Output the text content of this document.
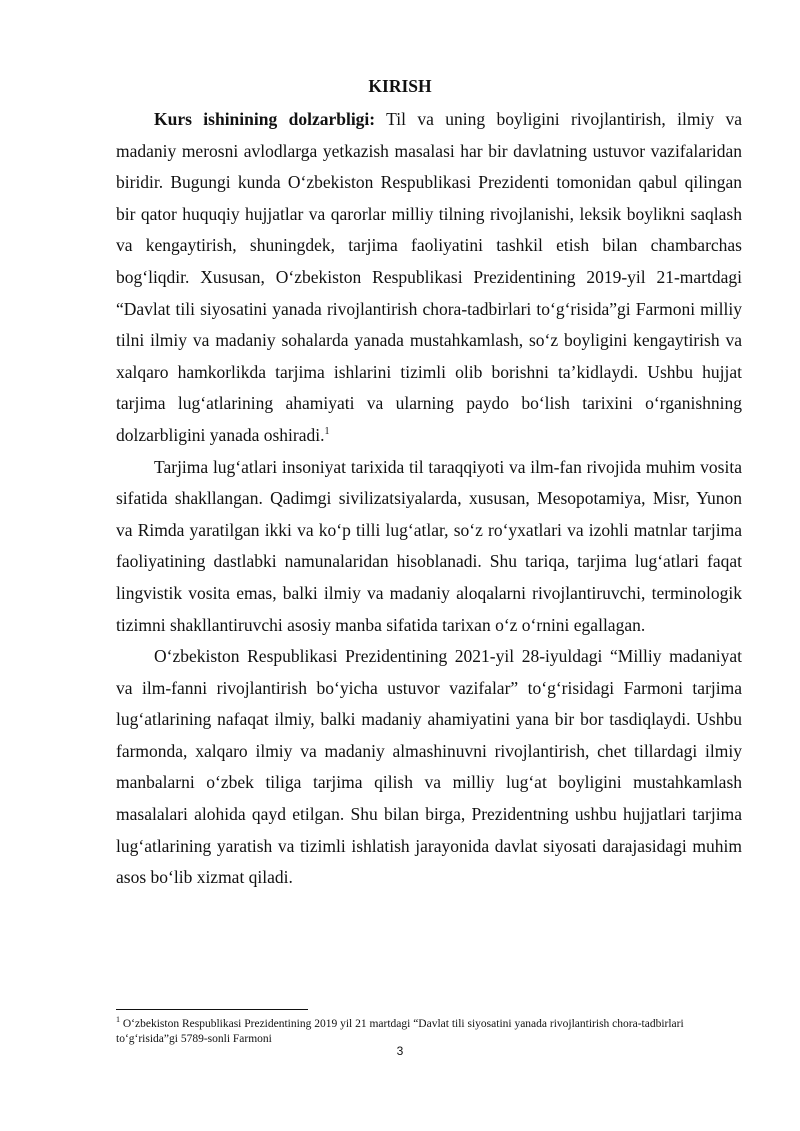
KIRISH

Kurs ishinining dolzarbligi: Til va uning boyligini rivojlantirish, ilmiy va madaniy merosni avlodlarga yetkazish masalasi har bir davlatning ustuvor vazifalaridan biridir. Bugungi kunda O‘zbekiston Respublikasi Prezidenti tomonidan qabul qilingan bir qator huquqiy hujjatlar va qarorlar milliy tilning rivojlanishi, leksik boylikni saqlash va kengaytirish, shuningdek, tarjima faoliyatini tashkil etish bilan chambarchas bog‘liqdir. Xususan, O‘zbekiston Respublikasi Prezidentining 2019-yil 21-martdagi “Davlat tili siyosatini yanada rivojlantirish chora-tadbirlari to‘g‘risida”gi Farmoni milliy tilni ilmiy va madaniy sohalarda yanada mustahkamlash, so‘z boyligini kengaytirish va xalqaro hamkorlikda tarjima ishlarini tizimli olib borishni ta’kidlaydi. Ushbu hujjat tarjima lug‘atlarining ahamiyati va ularning paydo bo‘lish tarixini o‘rganishning dolzarbligini yanada oshiradi.$^1$

Tarjima lug‘atlari insoniyat tarixida til taraqqiyoti va ilm-fan rivojida muhim vosita sifatida shakllangan. Qadimgi sivilizatsiyalarda, xususan, Mesopotamiya, Misr, Yunon va Rimda yaratilgan ikki va ko‘p tilli lug‘atlar, so‘z ro‘yxatlari va izohli matnlar tarjima faoliyatining dastlabki namunalaridan hisoblanadi. Shu tariqa, tarjima lug‘atlari faqat lingvistik vosita emas, balki ilmiy va madaniy aloqalarni rivojlantiruvchi, terminologik tizimni shakllantiruvchi asosiy manba sifatida tarixan o‘z o‘rnini egallagan.

O‘zbekiston Respublikasi Prezidentining 2021-yil 28-iyuldagi “Milliy madaniyat va ilm-fanni rivojlantirish bo‘yicha ustuvor vazifalar” to‘g‘risidagi Farmoni tarjima lug‘atlarining nafaqat ilmiy, balki madaniy ahamiyatini yana bir bor tasdiqlaydi. Ushbu farmonda, xalqaro ilmiy va madaniy almashinuvni rivojlantirish, chet tillardagi ilmiy manbalarni o‘zbek tiliga tarjima qilish va milliy lug‘at boyligini mustahkamlash masalalari alohida qayd etilgan. Shu bilan birga, Prezidentning ushbu hujjatlari tarjima lug‘atlarining yaratish va tizimli ishlatish jarayonida davlat siyosati darajasidagi muhim asos bo‘lib xizmat qiladi.

$^1$ O‘zbekiston Respublikasi Prezidentining 2019 yil 21 martdagi “Davlat tili siyosatini yanada rivojlantirish chora-tadbirlari to‘g‘risida”gi 5789-sonli Farmoni
3
